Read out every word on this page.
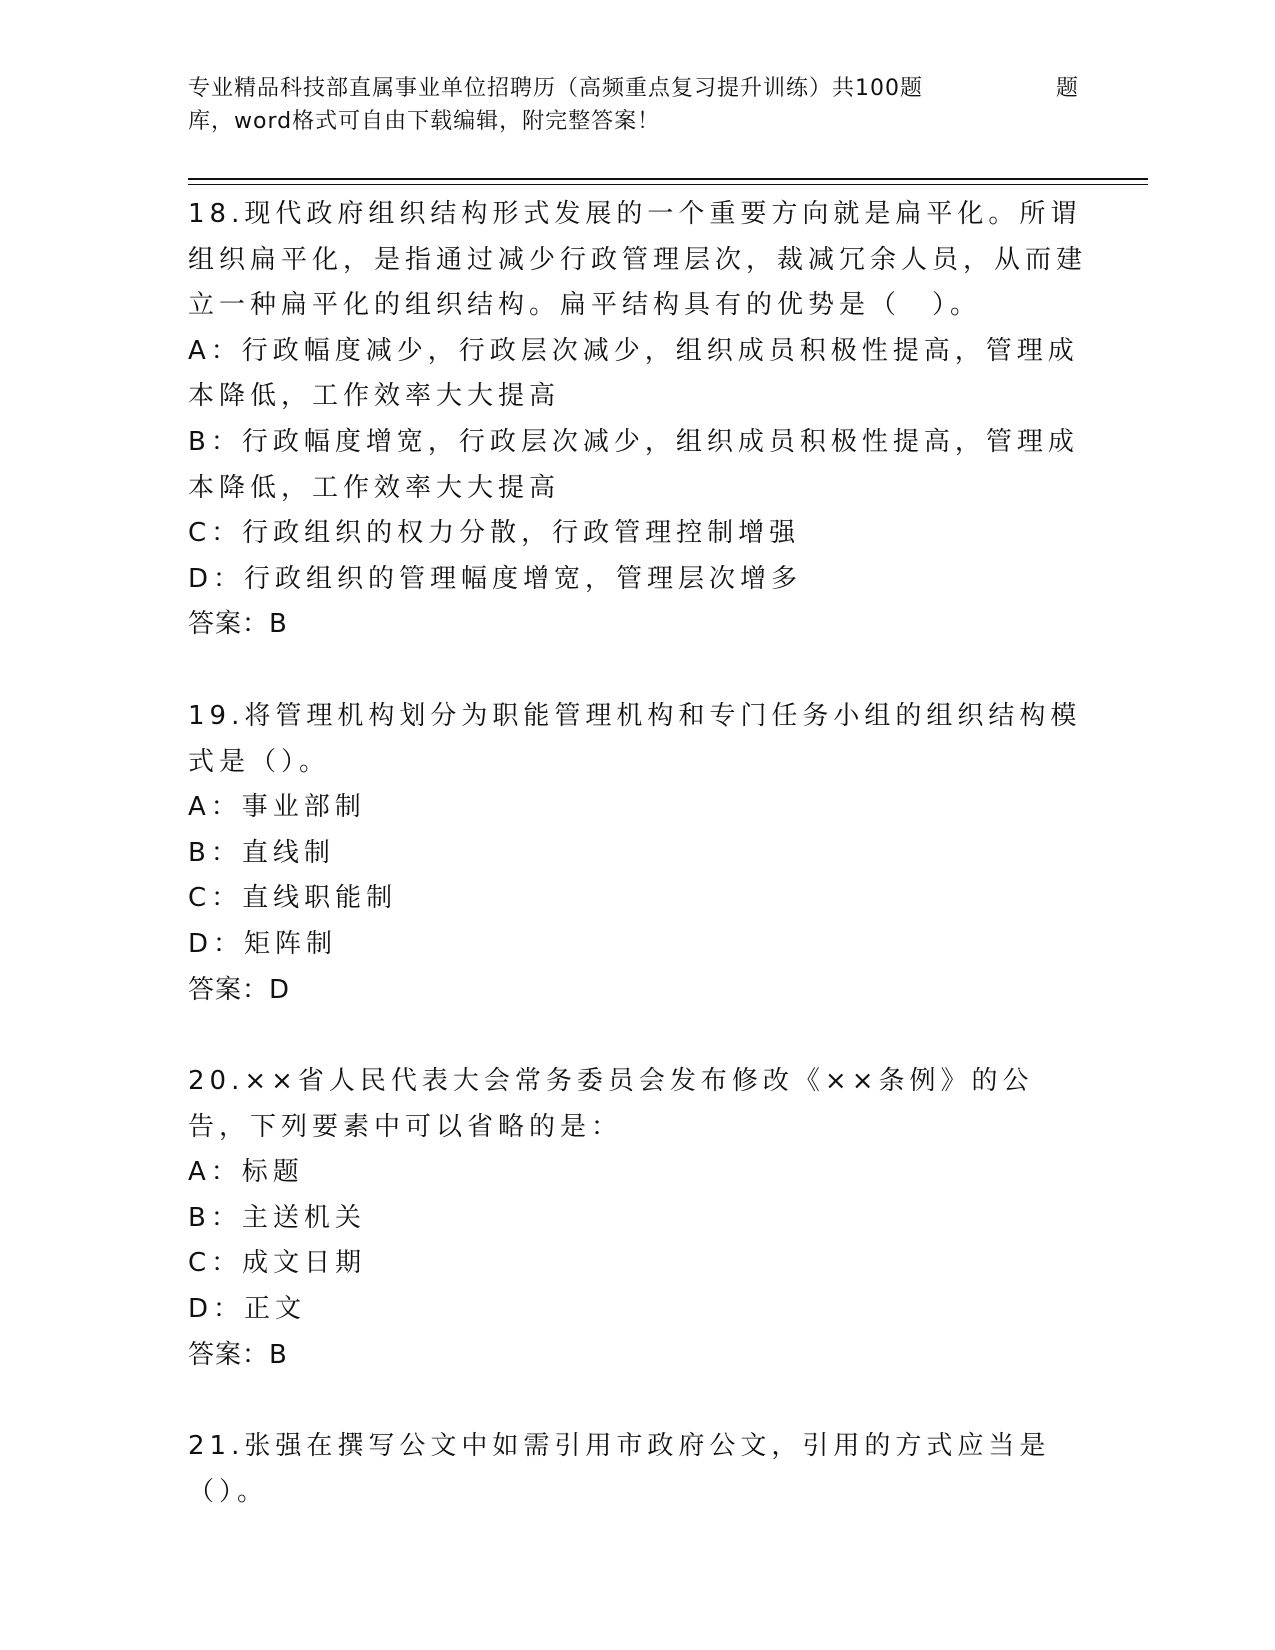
专业精品科技部直属事业单位招聘历（高频重点复习提升训练）共100题	题
库，word格式可自由下载编辑，附完整答案！

18.现代政府组织结构形式发展的一个重要方向就是扁平化。所谓组织扁平化，是指通过减少行政管理层次，裁减冗余人员，从而建立一种扁平化的组织结构。扁平结构具有的优势是（　）。

A：行政幅度减少，行政层次减少，组织成员积极性提高，管理成本降低，工作效率大大提高

B：行政幅度增宽，行政层次减少，组织成员积极性提高，管理成本降低，工作效率大大提高

C：行政组织的权力分散，行政管理控制增强

D：行政组织的管理幅度增宽，管理层次增多

答案：B

19.将管理机构划分为职能管理机构和专门任务小组的组织结构模式是（）。

A：事业部制

B：直线制

C：直线职能制

D：矩阵制

答案：D

20.××省人民代表大会常务委员会发布修改《××条例》的公告，下列要素中可以省略的是：

A：标题

B：主送机关

C：成文日期

D：正文

答案：B

21.张强在撰写公文中如需引用市政府公文，引用的方式应当是（）。
